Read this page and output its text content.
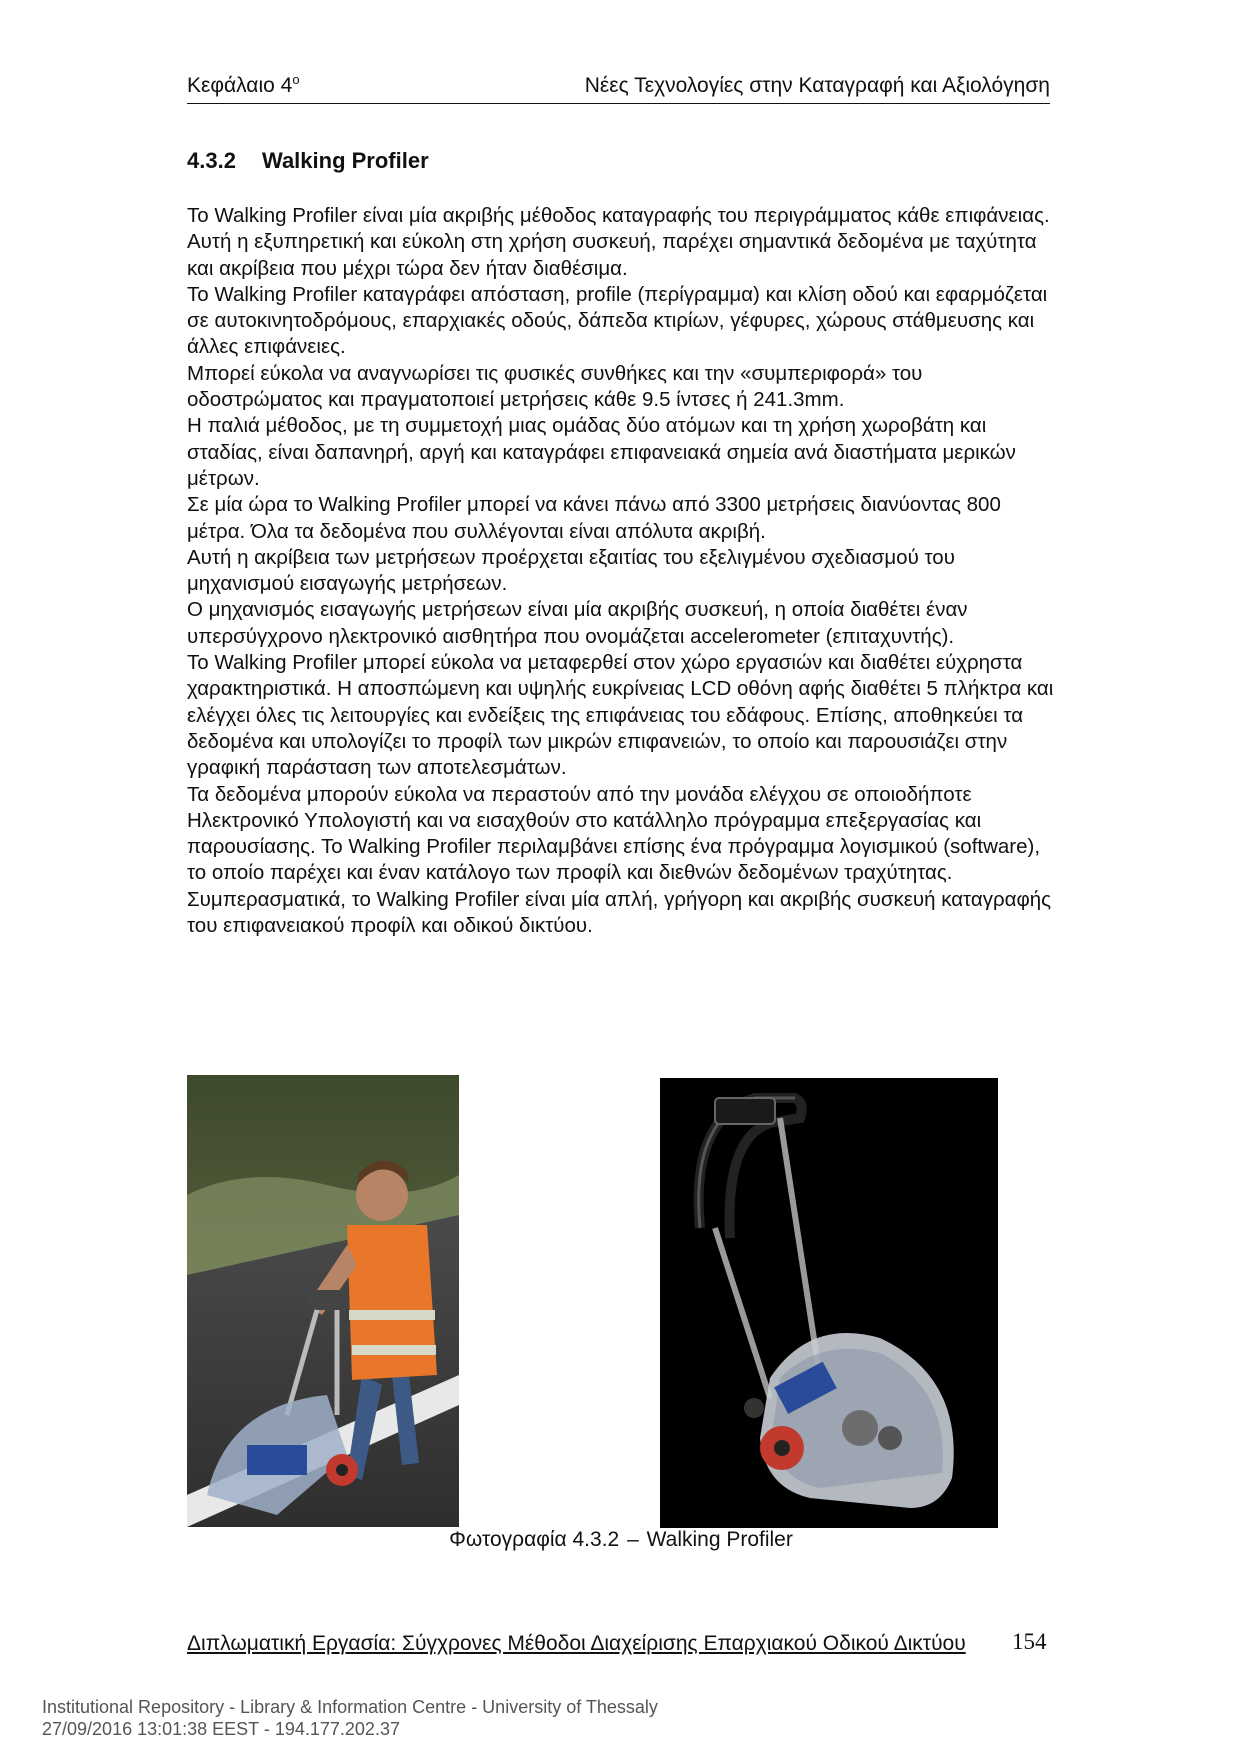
Κεφάλαιο $4^o$	Νέες Τεχνολογίες στην Καταγραφή και Αξιολόγηση
4.3.2 Walking Profiler

Το Walking Profiler είναι μία ακριβής μέθοδος καταγραφής του περιγράμματος κάθε επιφάνειας. Αυτή η εξυπηρετική και εύκολη στη χρήση συσκευή, παρέχει σημαντικά δεδομένα με ταχύτητα και ακρίβεια που μέχρι τώρα δεν ήταν διαθέσιμα.

Το Walking Profiler καταγράφει απόσταση, profile (περίγραμμα) και κλίση οδού και εφαρμόζεται σε αυτοκινητοδρόμους, επαρχιακές οδούς, δάπεδα κτιρίων, γέφυρες, χώρους στάθμευσης και άλλες επιφάνειες.

Μπορεί εύκολα να αναγνωρίσει τις φυσικές συνθήκες και την «συμπεριφορά» του οδοστρώματος και πραγματοποιεί μετρήσεις κάθε 9.5 ίντσες ή 241.3mm.

Η παλιά μέθοδος, με τη συμμετοχή μιας ομάδας δύο ατόμων και τη χρήση χωροβάτη και σταδίας, είναι δαπανηρή, αργή και καταγράφει επιφανειακά σημεία ανά διαστήματα μερικών μέτρων.

Σε μία ώρα το Walking Profiler μπορεί να κάνει πάνω από 3300 μετρήσεις διανύοντας 800 μέτρα. Όλα τα δεδομένα που συλλέγονται είναι απόλυτα ακριβή.

Αυτή η ακρίβεια των μετρήσεων προέρχεται εξαιτίας του εξελιγμένου σχεδιασμού του μηχανισμού εισαγωγής μετρήσεων.

Ο μηχανισμός εισαγωγής μετρήσεων είναι μία ακριβής συσκευή, η οποία διαθέτει έναν υπερσύγχρονο ηλεκτρονικό αισθητήρα που ονομάζεται accelerometer (επιταχυντής).

Το Walking Profiler μπορεί εύκολα να μεταφερθεί στον χώρο εργασιών και διαθέτει εύχρηστα χαρακτηριστικά. Η αποσπώμενη και υψηλής ευκρίνειας LCD οθόνη αφής διαθέτει 5 πλήκτρα και ελέγχει όλες τις λειτουργίες και ενδείξεις της επιφάνειας του εδάφους. Επίσης, αποθηκεύει τα δεδομένα και υπολογίζει το προφίλ των μικρών επιφανειών, το οποίο και παρουσιάζει στην γραφική παράσταση των αποτελεσμάτων.

Τα δεδομένα μπορούν εύκολα να περαστούν από την μονάδα ελέγχου σε οποιοδήποτε Ηλεκτρονικό Υπολογιστή και να εισαχθούν στο κατάλληλο πρόγραμμα επεξεργασίας και παρουσίασης. Το Walking Profiler περιλαμβάνει επίσης ένα πρόγραμμα λογισμικού (software), το οποίο παρέχει και έναν κατάλογο των προφίλ και διεθνών δεδομένων τραχύτητας.

Συμπερασματικά, το Walking Profiler είναι μία απλή, γρήγορη και ακριβής συσκευή καταγραφής του επιφανειακού προφίλ και οδικού δικτύου.

Φωτογραφία 4.3.2 – Walking Profiler
Διπλωματική Εργασία: Σύγχρονες Μέθοδοι Διαχείρισης Επαρχιακού Οδικού Δικτύου 154
Institutional Repository - Library & Information Centre - University of Thessaly
27/09/2016 13:01:38 EEST - 194.177.202.37
